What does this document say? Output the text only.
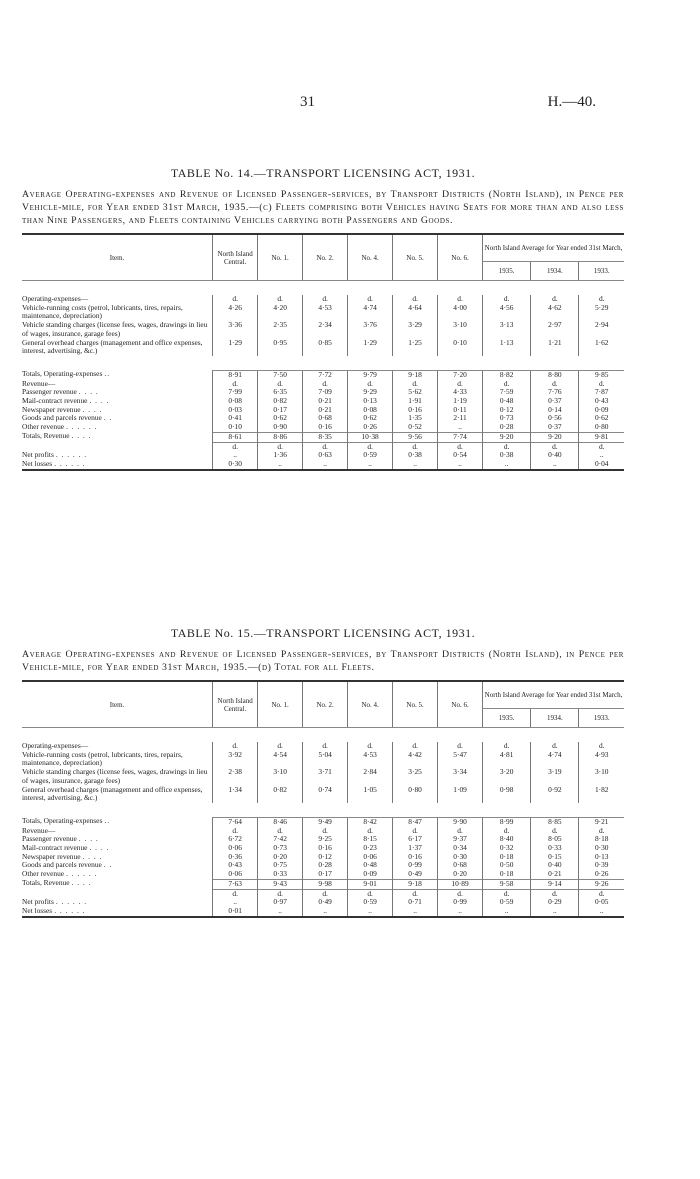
31	H.—40.
TABLE No. 14.—TRANSPORT LICENSING ACT, 1931.
Average Operating-expenses and Revenue of Licensed Passenger-services, by Transport Districts (North Island), in Pence per Vehicle-mile, for Year ended 31st March, 1935.—(c) Fleets comprising both Vehicles having Seats for more than and also less than Nine Passengers, and Fleets containing Vehicles carrying both Passengers and Goods.
Item.	North Island Central.	No. 1.	No. 2.	No. 4.	No. 5.	No. 6.	North Island Average for Year ended 31st March,		
							1935.	1934.	1933.

Operating-expenses—	d.	d.	d.	d.	d.	d.	d.	d.	d.
Vehicle-running costs (petrol, lubricants, tires, repairs, maintenance, depreciation)	4·26	4·20	4·53	4·74	4·64	4·00	4·56	4·62	5·29
Vehicle standing charges (license fees, wages, drawings in lieu of wages, insurance, garage fees)	3·36	2·35	2·34	3·76	3·29	3·10	3·13	2·97	2·94
General overhead charges (management and office expenses, interest, advertising, &c.)	1·29	0·95	0·85	1·29	1·25	0·10	1·13	1·21	1·62

Totals, Operating-expenses ..	8·91	7·50	7·72	9·79	9·18	7·20	8·82	8·80	9·85
Revenue—	d.	d.	d.	d.	d.	d.	d.	d.	d.
Passenger revenue . . . .	7·99	6·35	7·09	9·29	5·62	4·33	7·59	7·76	7·87
Mail-contract revenue . . . .	0·08	0·82	0·21	0·13	1·91	1·19	0·48	0·37	0·43
Newspaper revenue . . . .	0·03	0·17	0·21	0·08	0·16	0·11	0·12	0·14	0·09
Goods and parcels revenue . .	0·41	0·62	0·68	0·62	1·35	2·11	0·73	0·56	0·62
Other revenue . . . . . .	0·10	0·90	0·16	0·26	0·52	..	0·28	0·37	0·80
Totals, Revenue . . . .	8·61	8·86	8·35	10·38	9·56	7·74	9·20	9·20	9·81
	d.	d.	d.	d.	d.	d.	d.	d.	d.
Net profits . . . . . .	..	1·36	0·63	0·59	0·38	0·54	0·38	0·40	..
Net losses . . . . . .	0·30	..	..	..	..	..	..	..	0·04
TABLE No. 15.—TRANSPORT LICENSING ACT, 1931.
Average Operating-expenses and Revenue of Licensed Passenger-services, by Transport Districts (North Island), in Pence per Vehicle-mile, for Year ended 31st March, 1935.—(d) Total for all Fleets.
Item.	North Island Central.	No. 1.	No. 2.	No. 4.	No. 5.	No. 6.	North Island Average for Year ended 31st March,		
							1935.	1934.	1933.

Operating-expenses—	d.	d.	d.	d.	d.	d.	d.	d.	d.
Vehicle-running costs (petrol, lubricants, tires, repairs, maintenance, depreciation)	3·92	4·54	5·04	4·53	4·42	5·47	4·81	4·74	4·93
Vehicle standing charges (license fees, wages, drawings in lieu of wages, insurance, garage fees)	2·38	3·10	3·71	2·84	3·25	3·34	3·20	3·19	3·10
General overhead charges (management and office expenses, interest, advertising, &c.)	1·34	0·82	0·74	1·05	0·80	1·09	0·98	0·92	1·82

Totals, Operating-expenses ..	7·64	8·46	9·49	8·42	8·47	9·90	8·99	8·85	9·21
Revenue—	d.	d.	d.	d.	d.	d.	d.	d.	d.
Passenger revenue . . . .	6·72	7·42	9·25	8·15	6·17	9·37	8·40	8·05	8·18
Mail-contract revenue . . . .	0·06	0·73	0·16	0·23	1·37	0·34	0·32	0·33	0·30
Newspaper revenue . . . .	0·36	0·20	0·12	0·06	0·16	0·30	0·18	0·15	0·13
Goods and parcels revenue . .	0·43	0·75	0·28	0·48	0·99	0·68	0·50	0·40	0·39
Other revenue . . . . . .	0·06	0·33	0·17	0·09	0·49	0·20	0·18	0·21	0·26
Totals, Revenue . . . .	7·63	9·43	9·98	9·01	9·18	10·89	9·58	9·14	9·26
	d.	d.	d.	d.	d.	d.	d.	d.	d.
Net profits . . . . . .	..	0·97	0·49	0·59	0·71	0·99	0·59	0·29	0·05
Net losses . . . . . .	0·01	..	..	..	..	..	..	..	..
